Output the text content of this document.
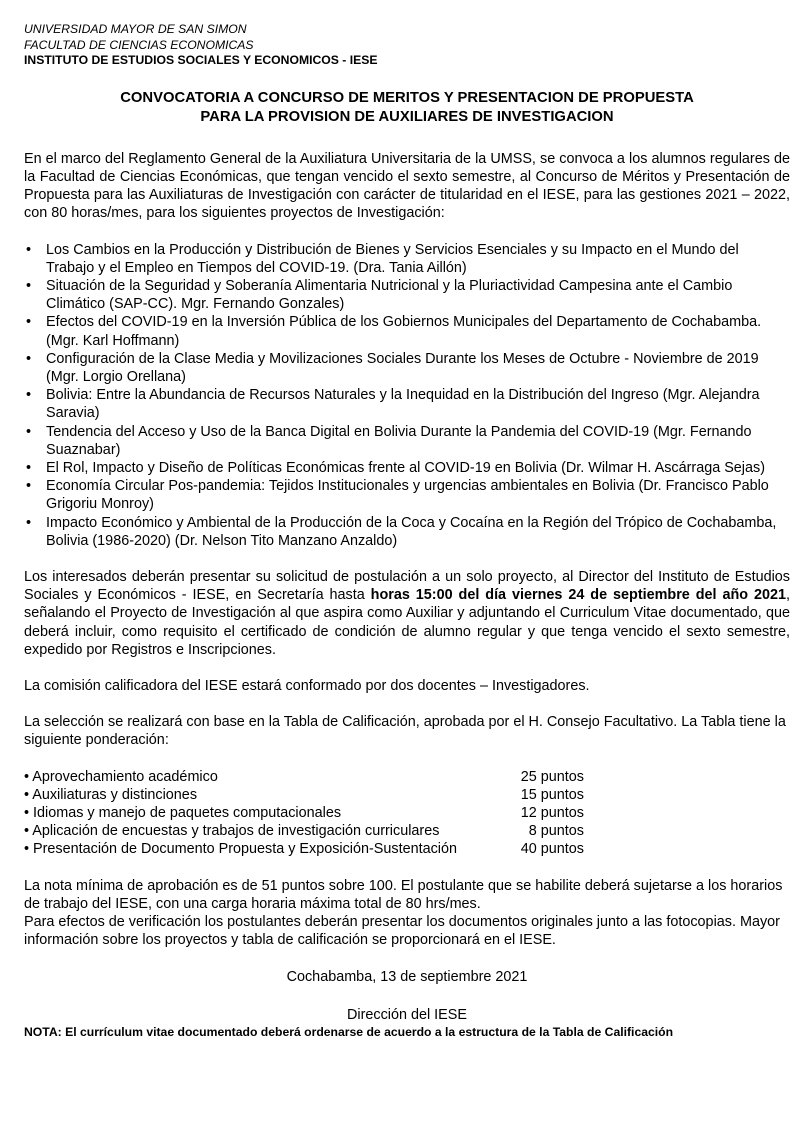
UNIVERSIDAD MAYOR DE SAN SIMON
FACULTAD DE CIENCIAS ECONOMICAS
INSTITUTO DE ESTUDIOS SOCIALES Y ECONOMICOS - IESE
CONVOCATORIA A CONCURSO DE MERITOS Y PRESENTACION DE PROPUESTA
PARA LA PROVISION DE AUXILIARES DE INVESTIGACION

En el marco del Reglamento General de la Auxiliatura Universitaria de la UMSS, se convoca a los alumnos regulares de la Facultad de Ciencias Económicas, que tengan vencido el sexto semestre, al Concurso de Méritos y Presentación de Propuesta para las Auxiliaturas de Investigación con carácter de titularidad en el IESE, para las gestiones 2021 – 2022, con 80 horas/mes, para los siguientes proyectos de Investigación:

• Los Cambios en la Producción y Distribución de Bienes y Servicios Esenciales y su Impacto en el Mundo del Trabajo y el Empleo en Tiempos del COVID-19. (Dra. Tania Aillón)
• Situación de la Seguridad y Soberanía Alimentaria Nutricional y la Pluriactividad Campesina ante el Cambio Climático (SAP-CC). Mgr. Fernando Gonzales)
• Efectos del COVID-19 en la Inversión Pública de los Gobiernos Municipales del Departamento de Cochabamba. (Mgr. Karl Hoffmann)
• Configuración de la Clase Media y Movilizaciones Sociales Durante los Meses de Octubre - Noviembre de 2019 (Mgr. Lorgio Orellana)
• Bolivia: Entre la Abundancia de Recursos Naturales y la Inequidad en la Distribución del Ingreso (Mgr. Alejandra Saravia)
• Tendencia del Acceso y Uso de la Banca Digital en Bolivia Durante la Pandemia del COVID-19 (Mgr. Fernando Suaznabar)
• El Rol, Impacto y Diseño de Políticas Económicas frente al COVID-19 en Bolivia (Dr. Wilmar H. Ascárraga Sejas)
• Economía Circular Pos-pandemia: Tejidos Institucionales y urgencias ambientales en Bolivia (Dr. Francisco Pablo Grigoriu Monroy)
• Impacto Económico y Ambiental de la Producción de la Coca y Cocaína en la Región del Trópico de Cochabamba, Bolivia (1986-2020) (Dr. Nelson Tito Manzano Anzaldo)

Los interesados deberán presentar su solicitud de postulación a un solo proyecto, al Director del Instituto de Estudios Sociales y Económicos - IESE, en Secretaría hasta horas 15:00 del día viernes 24 de septiembre del año 2021, señalando el Proyecto de Investigación al que aspira como Auxiliar y adjuntando el Curriculum Vitae documentado, que deberá incluir, como requisito el certificado de condición de alumno regular y que tenga vencido el sexto semestre, expedido por Registros e Inscripciones.

La comisión calificadora del IESE estará conformado por dos docentes – Investigadores.

La selección se realizará con base en la Tabla de Calificación, aprobada por el H. Consejo Facultativo. La Tabla tiene la siguiente ponderación:

• Aprovechamiento académico	25 puntos
• Auxiliaturas y distinciones	15 puntos
• Idiomas y manejo de paquetes computacionales	12 puntos
• Aplicación de encuestas y trabajos de investigación curriculares	8 puntos
• Presentación de Documento Propuesta y Exposición-Sustentación	40 puntos

La nota mínima de aprobación es de 51 puntos sobre 100. El postulante que se habilite deberá sujetarse a los horarios de trabajo del IESE, con una carga horaria máxima total de 80 hrs/mes.

Para efectos de verificación los postulantes deberán presentar los documentos originales junto a las fotocopias. Mayor información sobre los proyectos y tabla de calificación se proporcionará en el IESE.

Cochabamba, 13 de septiembre 2021

Dirección del IESE

NOTA: El currículum vitae documentado deberá ordenarse de acuerdo a la estructura de la Tabla de Calificación
